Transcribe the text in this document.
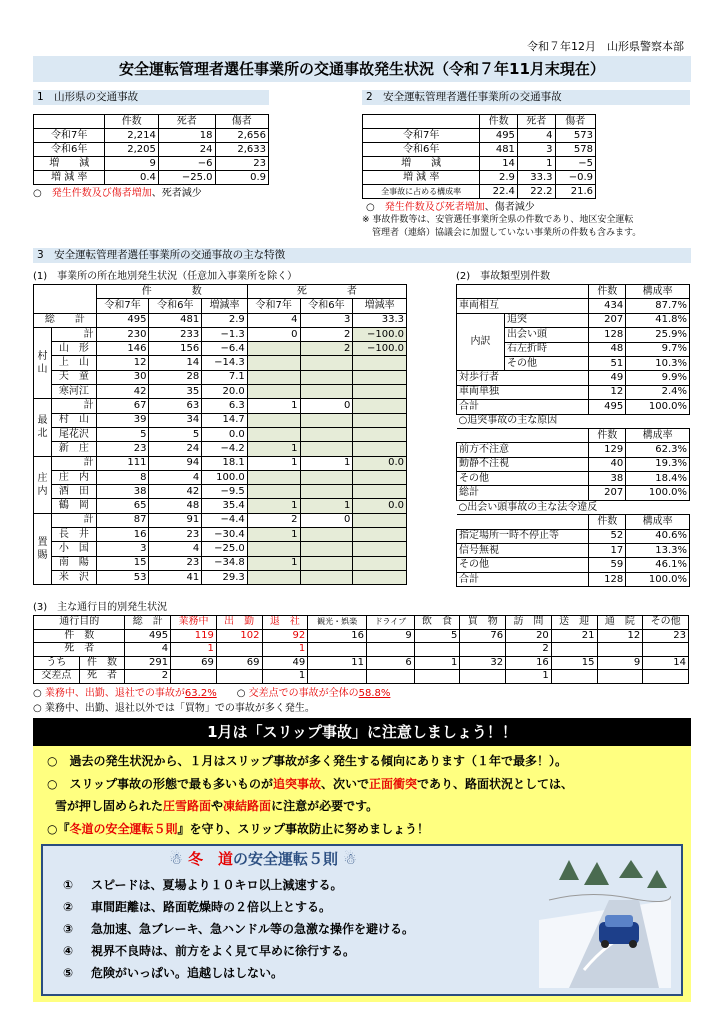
令和７年12月　山形県警察本部
安全運転管理者選任事業所の交通事故発生状況（令和７年11月末現在）
1　山形県の交通事故
	件数	死者	傷者
令和7年	2,214	18	2,656
令和6年	2,205	24	2,633
増　　減	9	−6	23
増 減 率	0.4	−25.0	0.9
○　 発生件数及び傷者増加、死者減少
2　安全運転管理者選任事業所の交通事故
	件数	死者	傷者
令和7年	495	4	573
令和6年	481	3	578
増　　減	14	1	−5
増 減 率	2.9	33.3	−0.9
全事故に占める構成率	22.4	22.2	21.6
○　 発生件数及び死者増加、傷者減少
※ 事故件数等は、安管選任事業所全県の件数であり、地区安全運転
管理者（連絡）協議会に加盟していない事業所の件数も含みます。
3　安全運転管理者選任事業所の交通事故の主な特徴
(1)　事業所の所在地別発生状況（任意加入事業所を除く）
		件　　　　数			死　　　　者		
		令和7年	令和6年	増減率	令和7年	令和6年	増減率
総　　計		495	481	2.9	4	3	33.3
村 山	計	230	233	−1.3	0	2	−100.0
	山　形	146	156	−6.4		2	−100.0
	上　山	12	14	−14.3			
	天　童	30	28	7.1			
	寒河江	42	35	20.0			
最 北	計	67	63	6.3	1	0	
	村　山	39	34	14.7			
	尾花沢	5	5	0.0			
	新　庄	23	24	−4.2	1		
庄 内	計	111	94	18.1	1	1	0.0
	庄　内	8	4	100.0			
	酒　田	38	42	−9.5			
	鶴　岡	65	48	35.4	1	1	0.0
置 賜	計	87	91	−4.4	2	0	
	長　井	16	23	−30.4	1		
	小　国	3	4	−25.0			
	南　陽	15	23	−34.8	1		
	米　沢	53	41	29.3			
(2)　事故類型別件数
		件数	構成率
車両相互		434	87.7%
内訳	追突	207	41.8%
	出会い頭	128	25.9%
	右左折時	48	9.7%
	その他	51	10.3%
対歩行者		49	9.9%
車両単独		12	2.4%
合計		495	100.0%
○追突事故の主な原因			
		件数	構成率
前方不注意		129	62.3%
動静不注視		40	19.3%
その他		38	18.4%
総計		207	100.0%
○出会い頭事故の主な法令違反			
		件数	構成率
指定場所一時不停止等		52	40.6%
信号無視		17	13.3%
その他		59	46.1%
合計		128	100.0%
(3)　主な通行目的別発生状況
通行目的		総　計	業務中	出　勤	退　社	観光・娯楽	ドライブ	飲　食	買　物	訪　問	送　迎	通　院	その他
件　数		495	119	102	92	16	9	5	76	20	21	12	23
死　者		4	1		1					2			
うち	件　数	291	69	69	49	11	6	1	32	16	15	9	14
交差点	死　者	2			1					1			
○ 業務中、出勤、退社での事故が63.2%　　 ○ 交差点での事故が全体の58.8%
○ 業務中、出勤、退社以外では「買物」での事故が多く発生。
1月は「スリップ事故」に注意しましょう！！
○　過去の発生状況から、１月はスリップ事故が多く発生する傾向にあります（１年で最多！）。
○　スリップ事故の形態で最も多いものが追突事故、次いで正面衝突であり、路面状況としては、
雪が押し固められた圧雪路面や凍結路面に注意が必要です。
○『冬道の安全運転５則』を守り、スリップ事故防止に努めましょう！
☃ 冬　道の安全運転５則 ☃
① スピードは、夏場より１０キロ以上減速する。
② 車間距離は、路面乾燥時の２倍以上とする。
③ 急加速、急ブレーキ、急ハンドル等の急激な操作を避ける。
④ 視界不良時は、前方をよく見て早めに徐行する。
⑤ 危険がいっぱい。追越しはしない。
